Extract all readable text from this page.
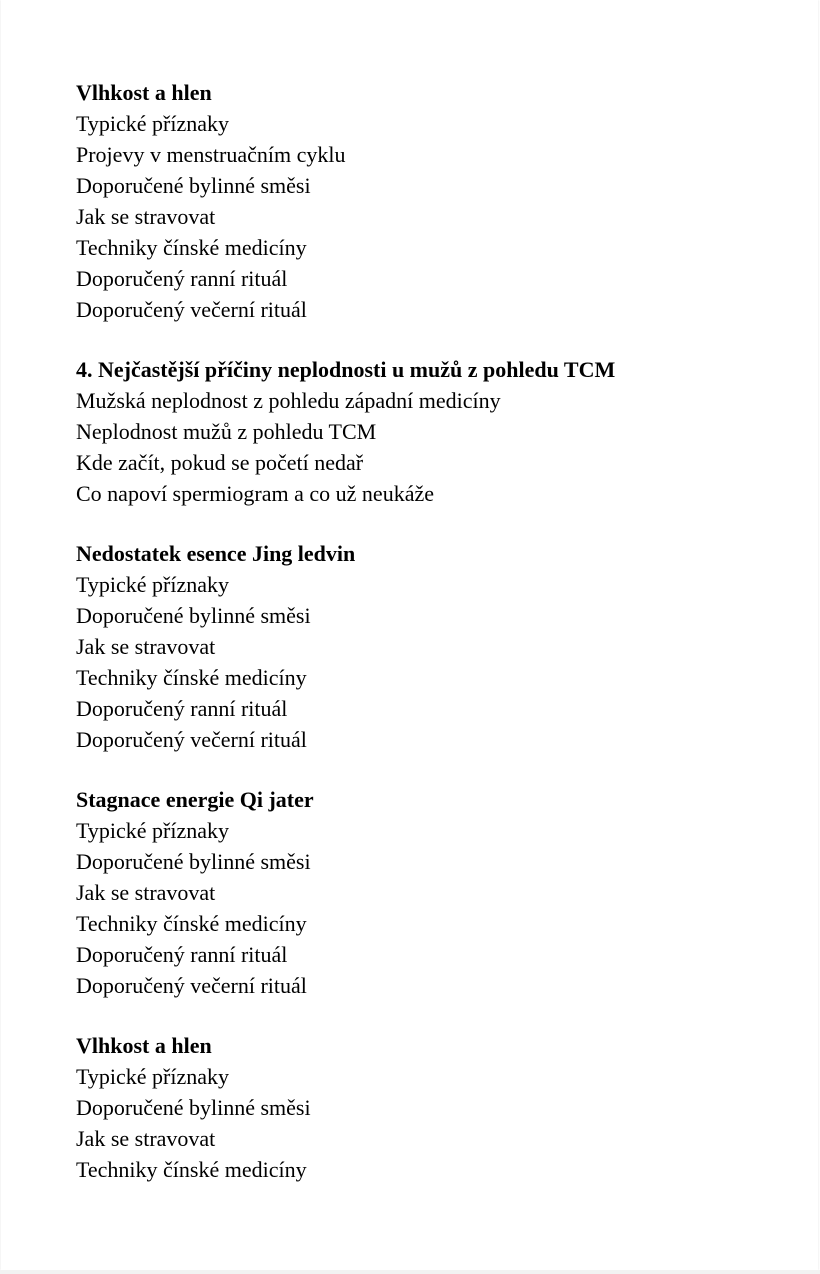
Vlhkost a hlen
Typické příznaky
Projevy v menstruačním cyklu
Doporučené bylinné směsi
Jak se stravovat
Techniky čínské medicíny
Doporučený ranní rituál
Doporučený večerní rituál
4. Nejčastější příčiny neplodnosti u mužů z pohledu TCM
Mužská neplodnost z pohledu západní medicíny
Neplodnost mužů z pohledu TCM
Kde začít, pokud se početí nedař
Co napoví spermiogram a co už neukáže
Nedostatek esence Jing ledvin
Typické příznaky
Doporučené bylinné směsi
Jak se stravovat
Techniky čínské medicíny
Doporučený ranní rituál
Doporučený večerní rituál
Stagnace energie Qi jater
Typické příznaky
Doporučené bylinné směsi
Jak se stravovat
Techniky čínské medicíny
Doporučený ranní rituál
Doporučený večerní rituál
Vlhkost a hlen
Typické příznaky
Doporučené bylinné směsi
Jak se stravovat
Techniky čínské medicíny
